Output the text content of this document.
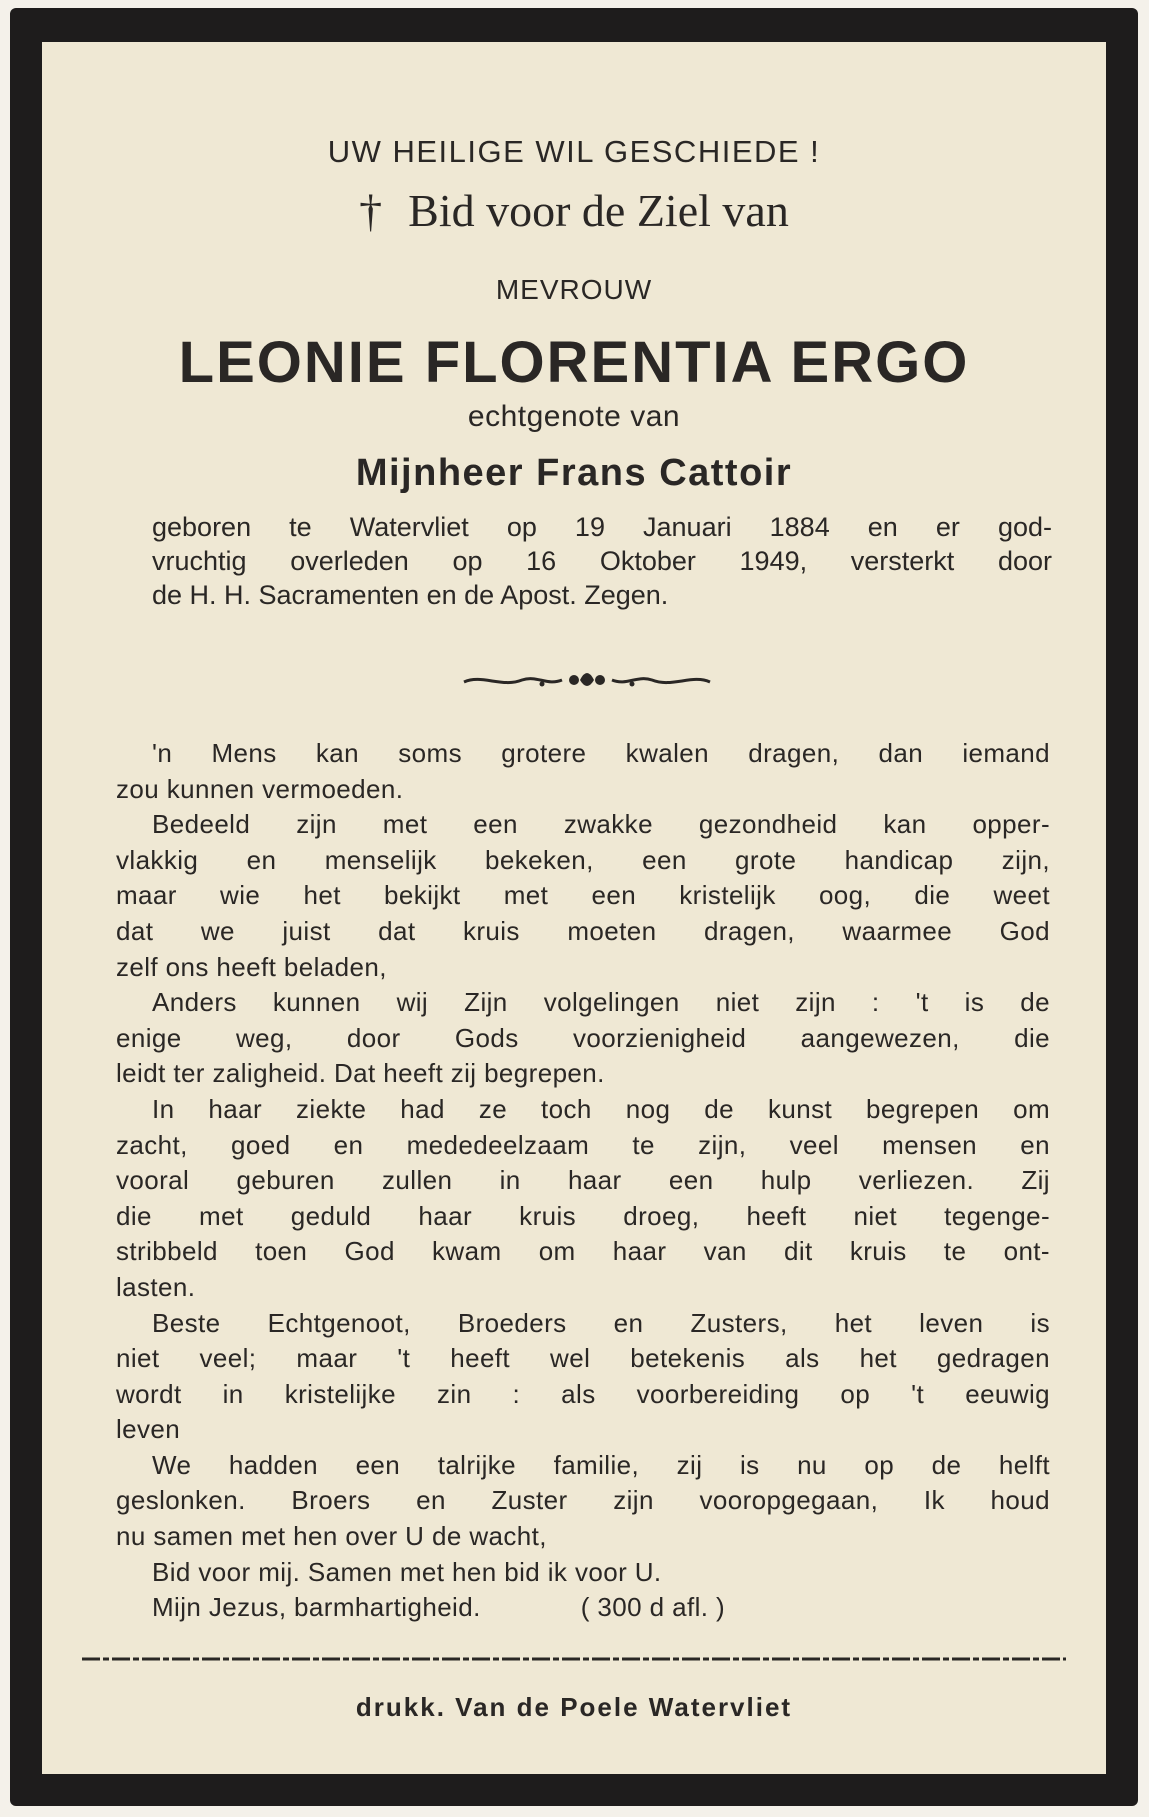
UW HEILIGE WIL GESCHIEDE !

† Bid voor de Ziel van

MEVROUW

LEONIE FLORENTIA ERGO

echtgenote van

Mijnheer Frans Cattoir

geboren te Watervliet op 19 Januari 1884 en er god-
vruchtig overleden op 16 Oktober 1949, versterkt door
de H. H. Sacramenten en de Apost. Zegen.

'n Mens kan soms grotere kwalen dragen, dan iemand
zou kunnen vermoeden.
Bedeeld zijn met een zwakke gezondheid kan opper-
vlakkig en menselijk bekeken, een grote handicap zijn,
maar wie het bekijkt met een kristelijk oog, die weet
dat we juist dat kruis moeten dragen, waarmee God
zelf ons heeft beladen,
Anders kunnen wij Zijn volgelingen niet zijn : 't is de
enige weg, door Gods voorzienigheid aangewezen, die
leidt ter zaligheid. Dat heeft zij begrepen.
In haar ziekte had ze toch nog de kunst begrepen om
zacht, goed en mededeelzaam te zijn, veel mensen en
vooral geburen zullen in haar een hulp verliezen. Zij
die met geduld haar kruis droeg, heeft niet tegenge-
stribbeld toen God kwam om haar van dit kruis te ont-
lasten.
Beste Echtgenoot, Broeders en Zusters, het leven is
niet veel; maar 't heeft wel betekenis als het gedragen
wordt in kristelijke zin : als voorbereiding op 't eeuwig
leven
We hadden een talrijke familie, zij is nu op de helft
geslonken. Broers en Zuster zijn vooropgegaan, Ik houd
nu samen met hen over U de wacht,
Bid voor mij. Samen met hen bid ik voor U.
Mijn Jezus, barmhartigheid.	( 300 d afl. )

drukk. Van de Poele Watervliet
